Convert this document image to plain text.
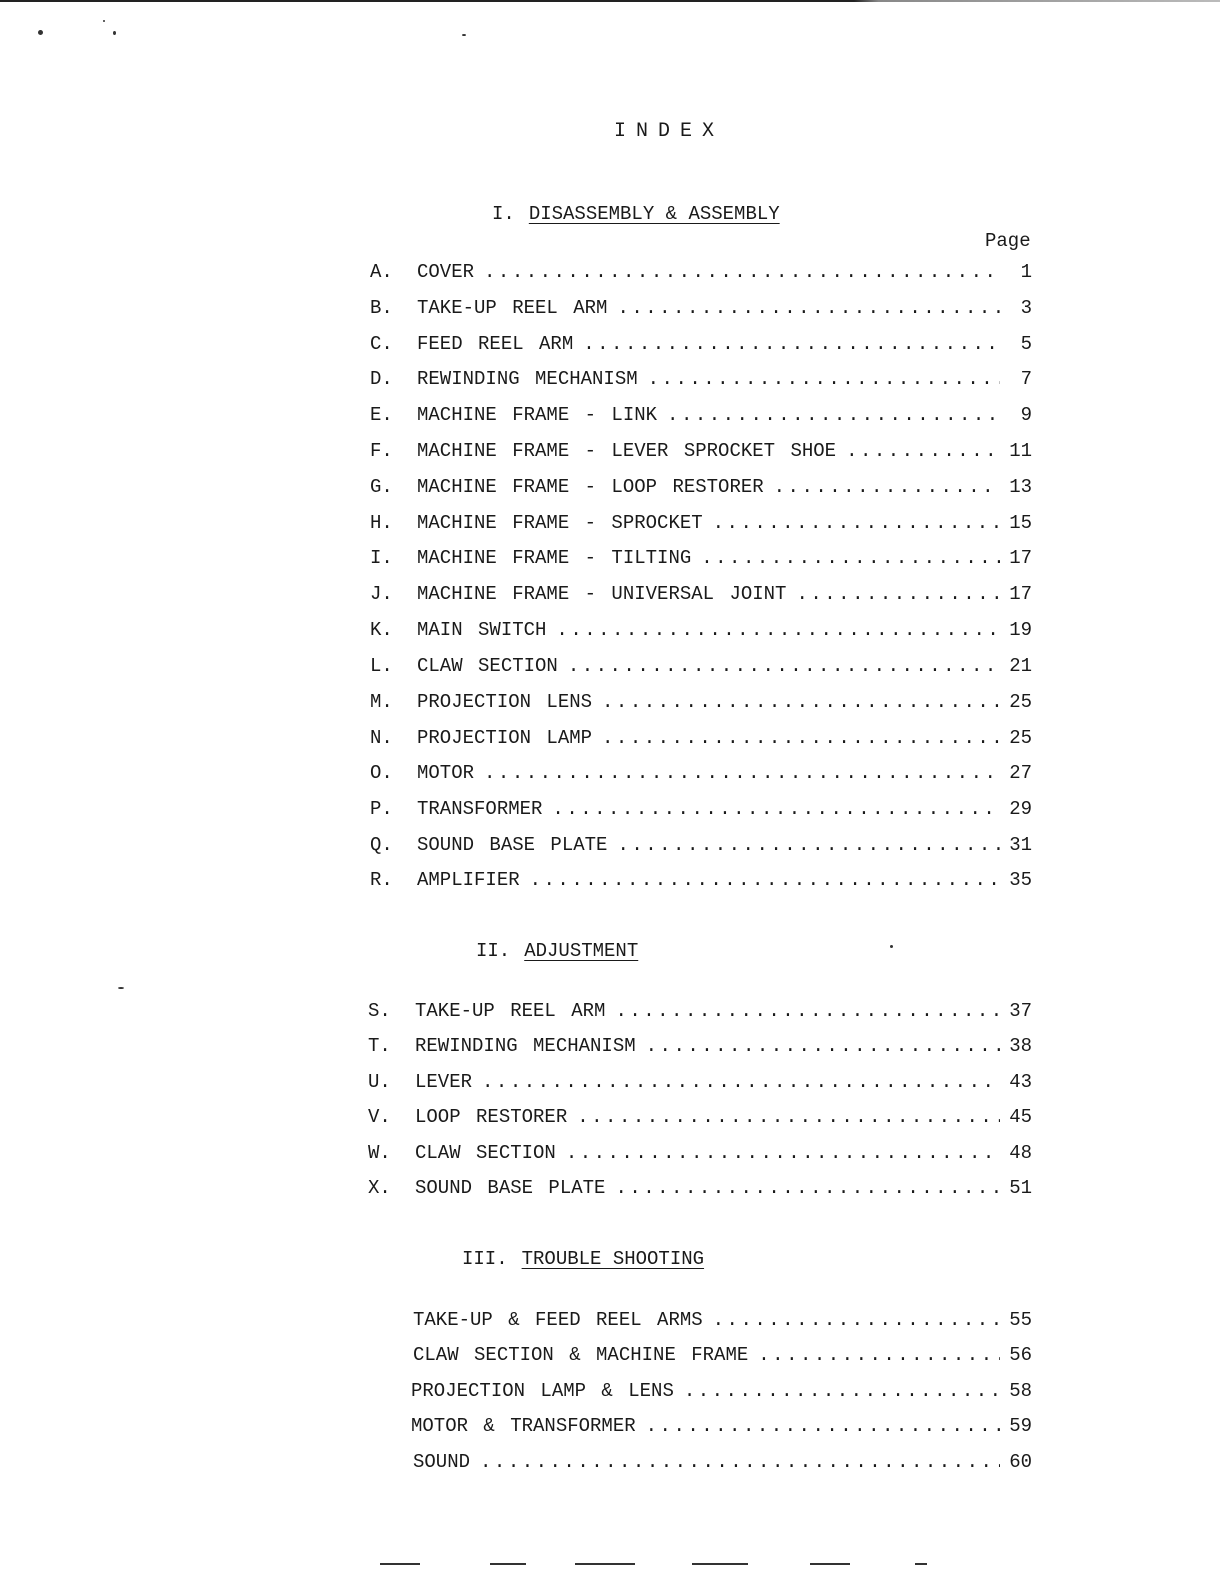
INDEX
I. DISASSEMBLY & ASSEMBLY
Page
A.	COVER .....	1
B.	TAKE-UP REEL ARM .....	3
C.	FEED REEL ARM .....	5
D.	REWINDING MECHANISM .....	7
E.	MACHINE FRAME - LINK .....	9
F.	MACHINE FRAME - LEVER SPROCKET SHOE .....	11
G.	MACHINE FRAME - LOOP RESTORER .....	13
H.	MACHINE FRAME - SPROCKET .....	15
I.	MACHINE FRAME - TILTING .....	17
J.	MACHINE FRAME - UNIVERSAL JOINT .....	17
K.	MAIN SWITCH .....	19
L.	CLAW SECTION .....	21
M.	PROJECTION LENS .....	25
N.	PROJECTION LAMP .....	25
O.	MOTOR .....	27
P.	TRANSFORMER .....	29
Q.	SOUND BASE PLATE .....	31
R.	AMPLIFIER .....	35
II. ADJUSTMENT
S.	TAKE-UP REEL ARM .....	37
T.	REWINDING MECHANISM .....	38
U.	LEVER .....	43
V.	LOOP RESTORER .....	45
W.	CLAW SECTION .....	48
X.	SOUND BASE PLATE .....	51
III. TROUBLE SHOOTING
TAKE-UP & FEED REEL ARMS .....	55
CLAW SECTION & MACHINE FRAME .....	56
PROJECTION LAMP & LENS .....	58
MOTOR & TRANSFORMER .....	59
SOUND .....	60
